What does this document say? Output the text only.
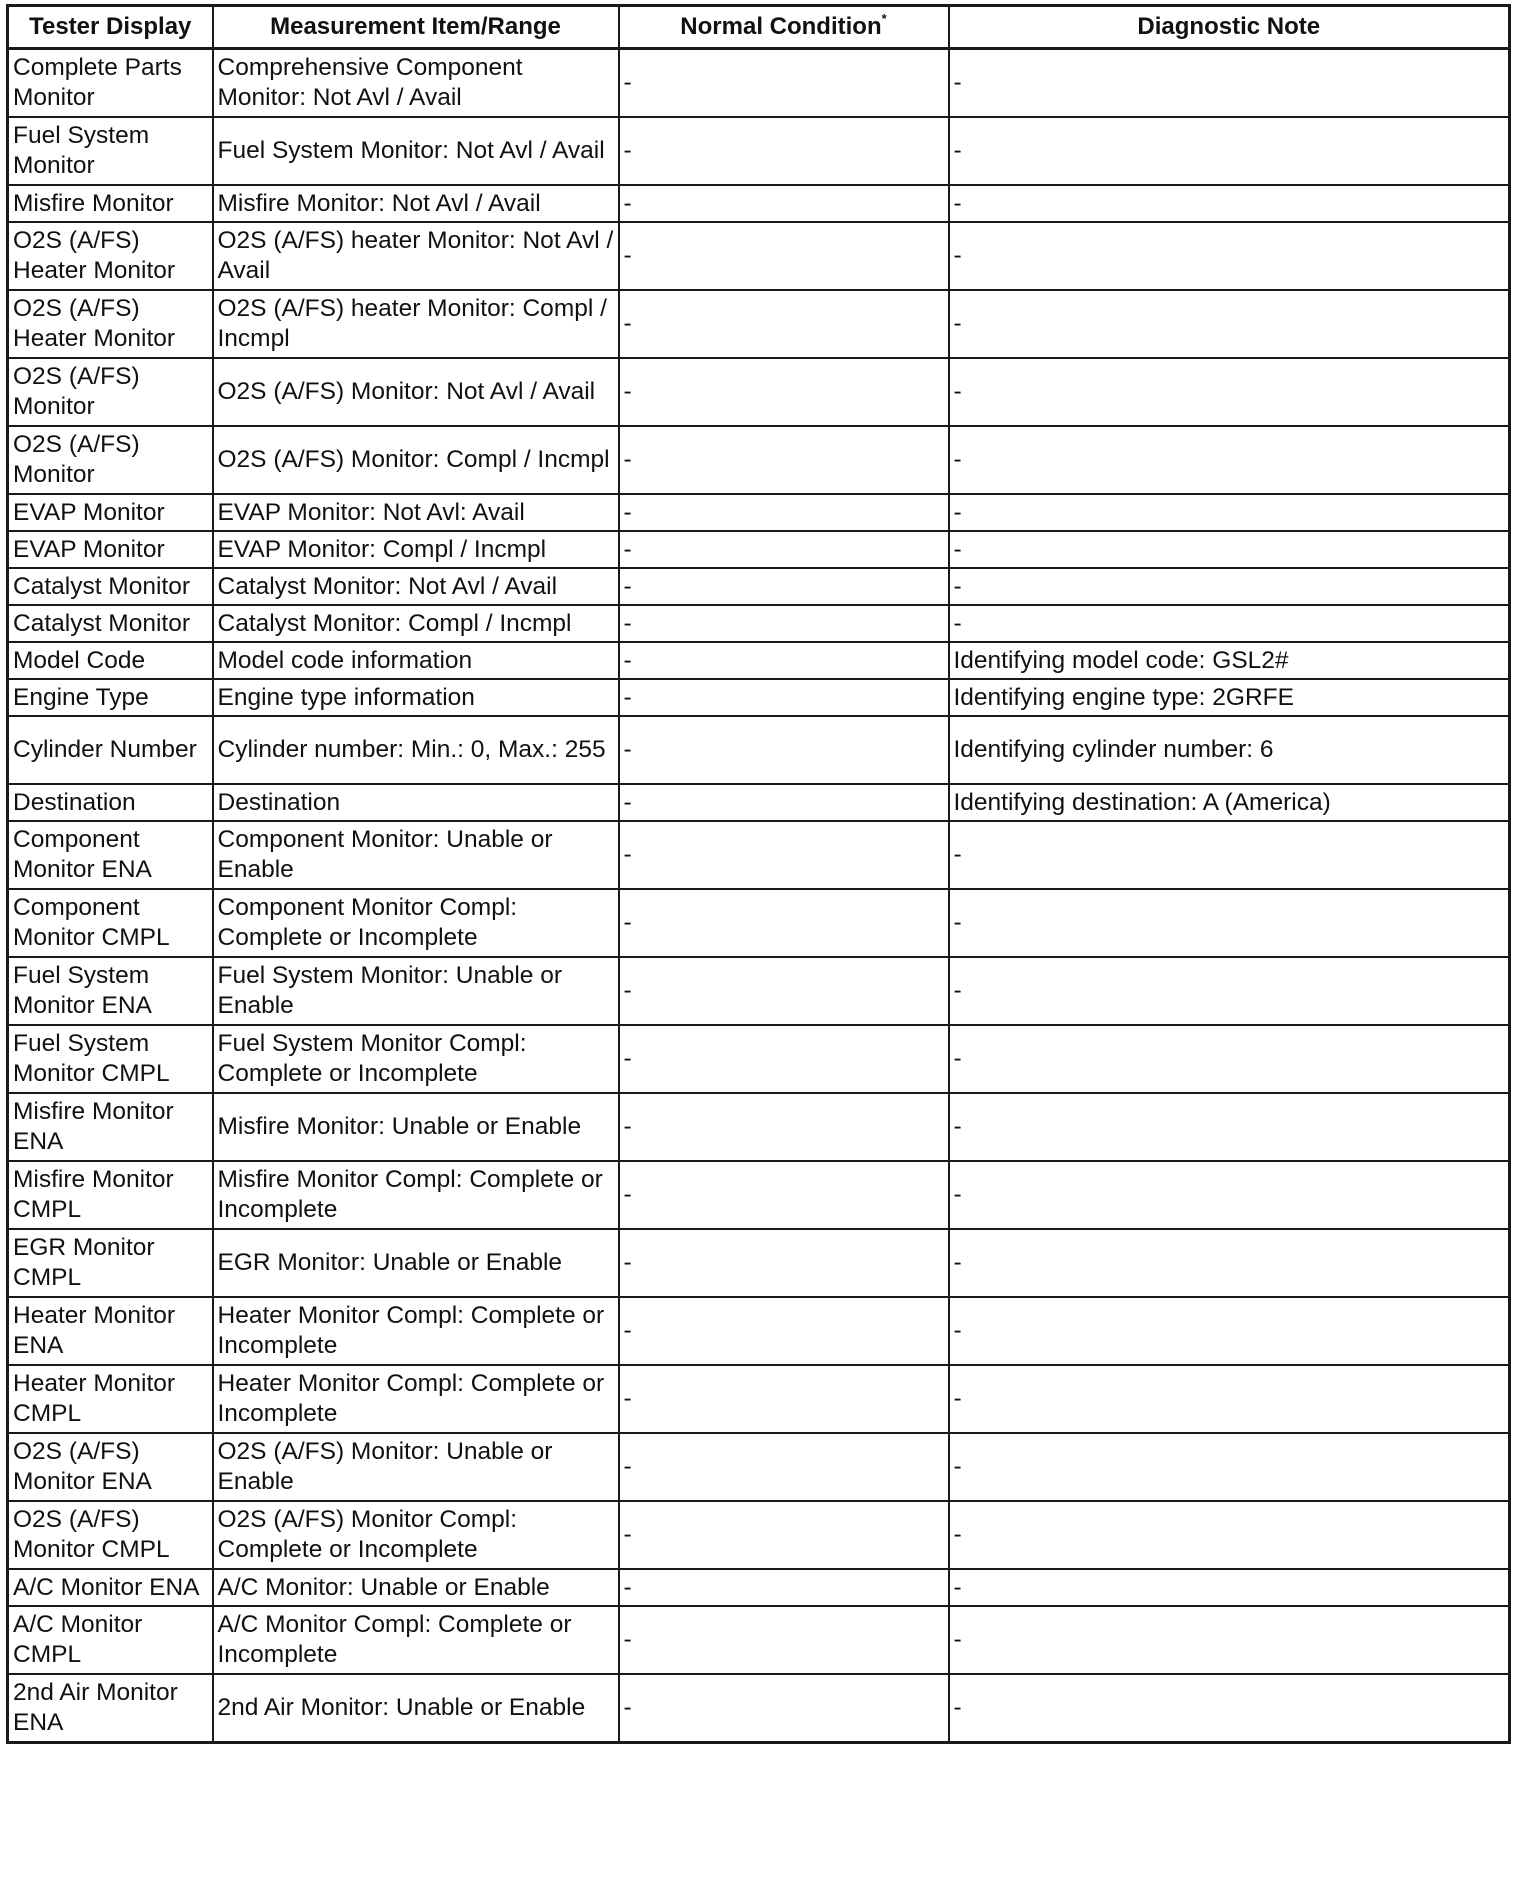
Tester Display	Measurement Item/Range	Normal Condition*	Diagnostic Note
Complete Parts Monitor	Comprehensive Component Monitor: Not Avl / Avail	-	-
Fuel System Monitor	Fuel System Monitor: Not Avl / Avail	-	-
Misfire Monitor	Misfire Monitor: Not Avl / Avail	-	-
O2S (A/FS) Heater Monitor	O2S (A/FS) heater Monitor: Not Avl / Avail	-	-
O2S (A/FS) Heater Monitor	O2S (A/FS) heater Monitor: Compl / Incmpl	-	-
O2S (A/FS) Monitor	O2S (A/FS) Monitor: Not Avl / Avail	-	-
O2S (A/FS) Monitor	O2S (A/FS) Monitor: Compl / Incmpl	-	-
EVAP Monitor	EVAP Monitor: Not Avl: Avail	-	-
EVAP Monitor	EVAP Monitor: Compl / Incmpl	-	-
Catalyst Monitor	Catalyst Monitor: Not Avl / Avail	-	-
Catalyst Monitor	Catalyst Monitor: Compl / Incmpl	-	-
Model Code	Model code information	-	Identifying model code: GSL2#
Engine Type	Engine type information	-	Identifying engine type: 2GRFE
Cylinder Number	Cylinder number: Min.: 0, Max.: 255	-	Identifying cylinder number: 6
Destination	Destination	-	Identifying destination: A (America)
Component Monitor ENA	Component Monitor: Unable or Enable	-	-
Component Monitor CMPL	Component Monitor Compl: Complete or Incomplete	-	-
Fuel System Monitor ENA	Fuel System Monitor: Unable or Enable	-	-
Fuel System Monitor CMPL	Fuel System Monitor Compl: Complete or Incomplete	-	-
Misfire Monitor ENA	Misfire Monitor: Unable or Enable	-	-
Misfire Monitor CMPL	Misfire Monitor Compl: Complete or Incomplete	-	-
EGR Monitor CMPL	EGR Monitor: Unable or Enable	-	-
Heater Monitor ENA	Heater Monitor Compl: Complete or Incomplete	-	-
Heater Monitor CMPL	Heater Monitor Compl: Complete or Incomplete	-	-
O2S (A/FS) Monitor ENA	O2S (A/FS) Monitor: Unable or Enable	-	-
O2S (A/FS) Monitor CMPL	O2S (A/FS) Monitor Compl: Complete or Incomplete	-	-
A/C Monitor ENA	A/C Monitor: Unable or Enable	-	-
A/C Monitor CMPL	A/C Monitor Compl: Complete or Incomplete	-	-
2nd Air Monitor ENA	2nd Air Monitor: Unable or Enable	-	-
